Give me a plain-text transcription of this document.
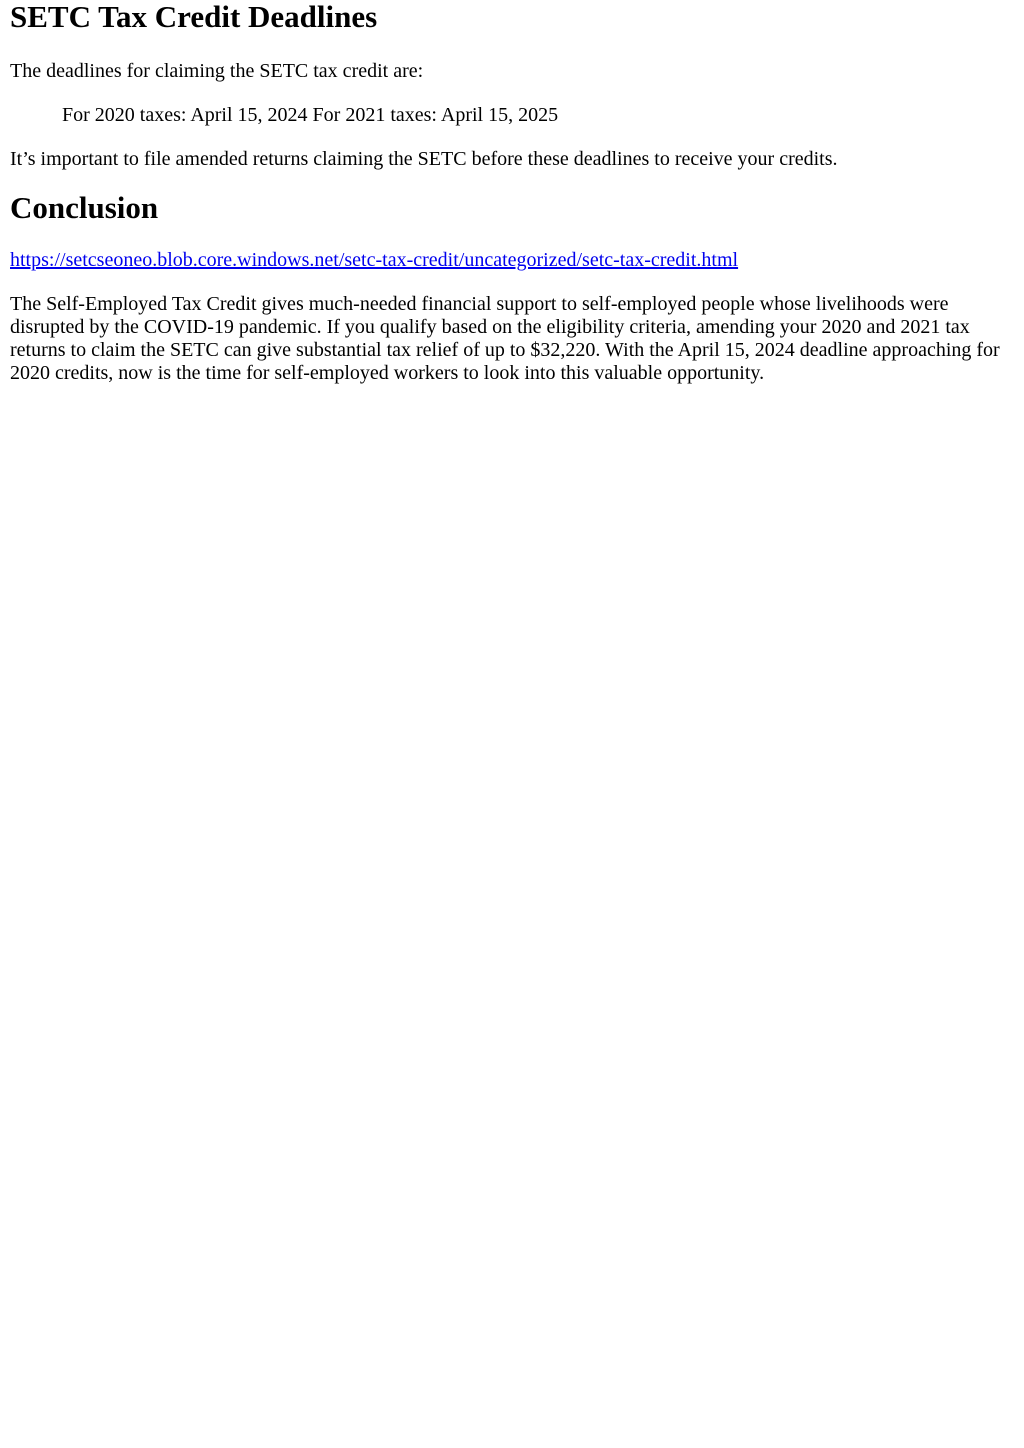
SETC Tax Credit Deadlines

The deadlines for claiming the SETC tax credit are:

For 2020 taxes: April 15, 2024 For 2021 taxes: April 15, 2025

It’s important to file amended returns claiming the SETC before these deadlines to receive your credits.

Conclusion

https://setcseoneo.blob.core.windows.net/setc-tax-credit/uncategorized/setc-tax-credit.html

The Self-Employed Tax Credit gives much-needed financial support to self-employed people whose livelihoods were disrupted by the COVID-19 pandemic. If you qualify based on the eligibility criteria, amending your 2020 and 2021 tax returns to claim the SETC can give substantial tax relief of up to $32,220. With the April 15, 2024 deadline approaching for 2020 credits, now is the time for self-employed workers to look into this valuable opportunity.
